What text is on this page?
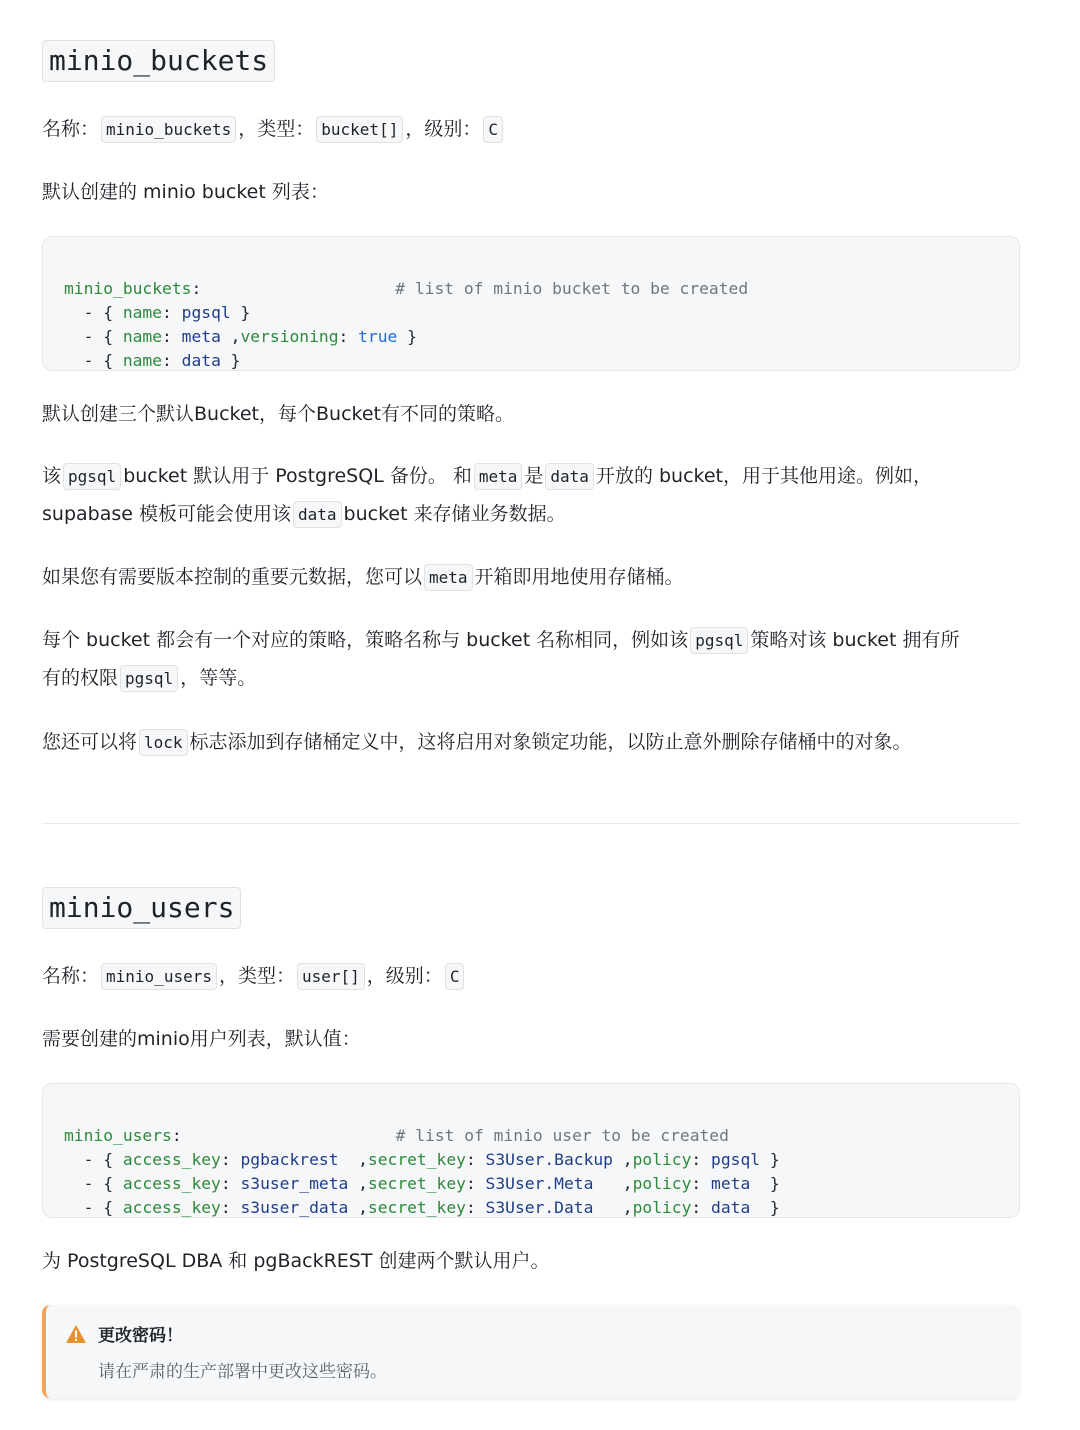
minio_buckets
名称： minio_buckets ，类型： bucket[] ，级别： C
默认创建的 minio bucket 列表：

minio_buckets:	# list of minio bucket to be created
- { name: pgsql }
- { name: meta ,versioning: true }
- { name: data }

默认创建三个默认Bucket，每个Bucket有不同的策略。
该 pgsql bucket 默认用于 PostgreSQL 备份。 和 meta 是 data 开放的 bucket，用于其他用途。例如，
supabase 模板可能会使用该 data bucket 来存储业务数据。
如果您有需要版本控制的重要元数据，您可以 meta 开箱即用地使用存储桶。
每个 bucket 都会有一个对应的策略，策略名称与 bucket 名称相同，例如该 pgsql 策略对该 bucket 拥有所
有的权限 pgsql ，等等。
您还可以将 lock 标志添加到存储桶定义中，这将启用对象锁定功能，以防止意外删除存储桶中的对象。
minio_users
名称： minio_users ，类型： user[] ，级别： C
需要创建的minio用户列表，默认值：

minio_users:	# list of minio user to be created
- { access_key: pgbackrest  ,secret_key: S3User.Backup ,policy: pgsql }
- { access_key: s3user_meta ,secret_key: S3User.Meta   ,policy: meta  }
- { access_key: s3user_data ,secret_key: S3User.Data   ,policy: data  }

为 PostgreSQL DBA 和 pgBackREST 创建两个默认用户。
更改密码！
请在严肃的生产部署中更改这些密码。
